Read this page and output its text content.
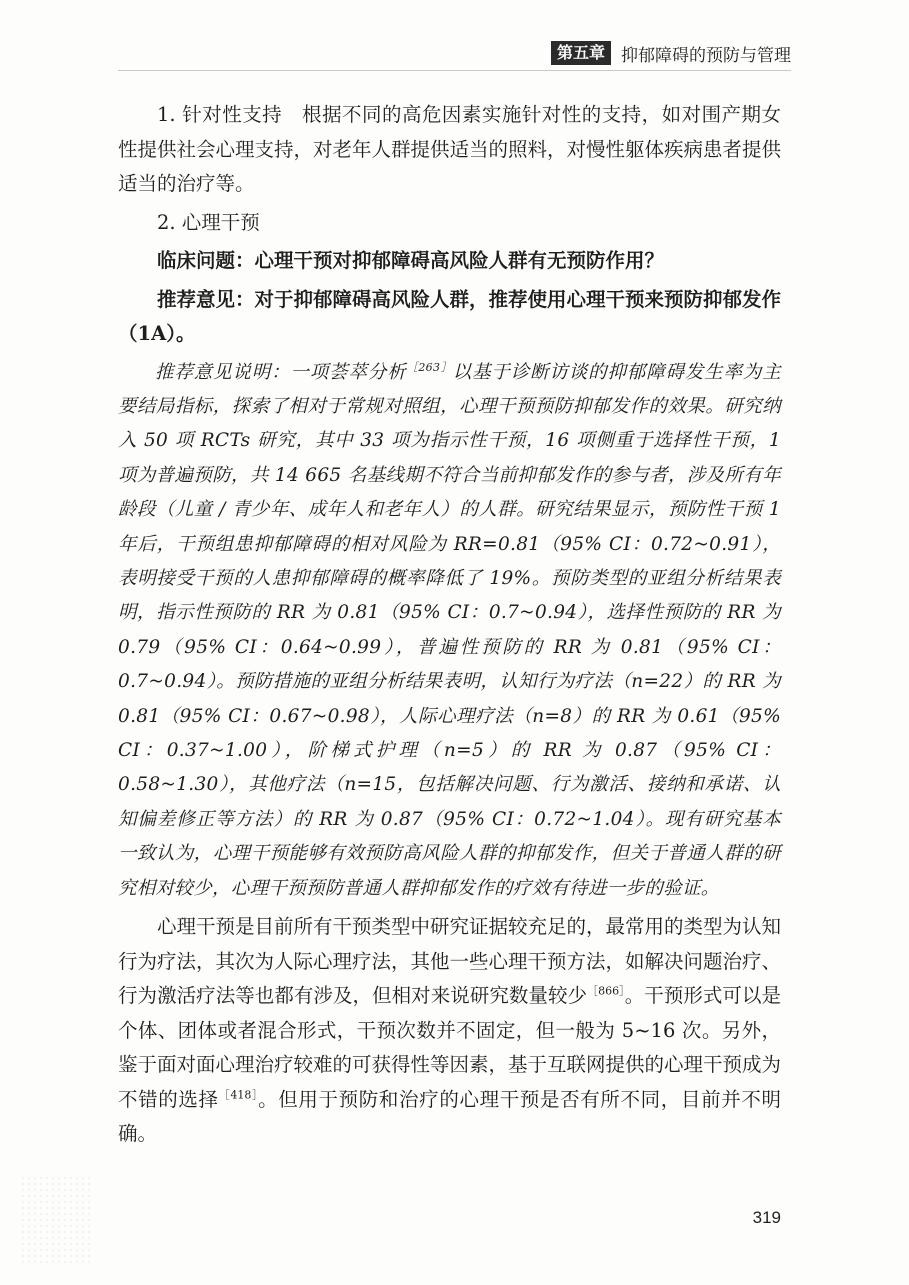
第五章 抑郁障碍的预防与管理

1. 针对性支持　根据不同的高危因素实施针对性的支持，如对围产期女性提供社会心理支持，对老年人群提供适当的照料，对慢性躯体疾病患者提供适当的治疗等。

2. 心理干预

临床问题：心理干预对抑郁障碍高风险人群有无预防作用？

推荐意见：对于抑郁障碍高风险人群，推荐使用心理干预来预防抑郁发作（1A）。

推荐意见说明：一项荟萃分析$^{[263]}$以基于诊断访谈的抑郁障碍发生率为主要结局指标，探索了相对于常规对照组，心理干预预防抑郁发作的效果。研究纳入 50 项 RCTs 研究，其中 33 项为指示性干预，16 项侧重于选择性干预，1 项为普遍预防，共 14 665 名基线期不符合当前抑郁发作的参与者，涉及所有年龄段（儿童 / 青少年、成年人和老年人）的人群。研究结果显示，预防性干预 1 年后，干预组患抑郁障碍的相对风险为 RR=0.81（95% CI：0.72~0.91），表明接受干预的人患抑郁障碍的概率降低了 19%。预防类型的亚组分析结果表明，指示性预防的 RR 为 0.81（95% CI：0.7~0.94），选择性预防的 RR 为 0.79（95% CI：0.64~0.99），普遍性预防的 RR 为 0.81（95% CI：0.7~0.94）。预防措施的亚组分析结果表明，认知行为疗法（n=22）的 RR 为 0.81（95% CI：0.67~0.98），人际心理疗法（n=8）的 RR 为 0.61（95% CI：0.37~1.00），阶梯式护理（n=5）的 RR 为 0.87（95% CI：0.58~1.30），其他疗法（n=15，包括解决问题、行为激活、接纳和承诺、认知偏差修正等方法）的 RR 为 0.87（95% CI：0.72~1.04）。现有研究基本一致认为，心理干预能够有效预防高风险人群的抑郁发作，但关于普通人群的研究相对较少，心理干预预防普通人群抑郁发作的疗效有待进一步的验证。

心理干预是目前所有干预类型中研究证据较充足的，最常用的类型为认知行为疗法，其次为人际心理疗法，其他一些心理干预方法，如解决问题治疗、行为激活疗法等也都有涉及，但相对来说研究数量较少$^{[866]}$。干预形式可以是个体、团体或者混合形式，干预次数并不固定，但一般为 5~16 次。另外，鉴于面对面心理治疗较难的可获得性等因素，基于互联网提供的心理干预成为不错的选择$^{[418]}$。但用于预防和治疗的心理干预是否有所不同，目前并不明确。

319
